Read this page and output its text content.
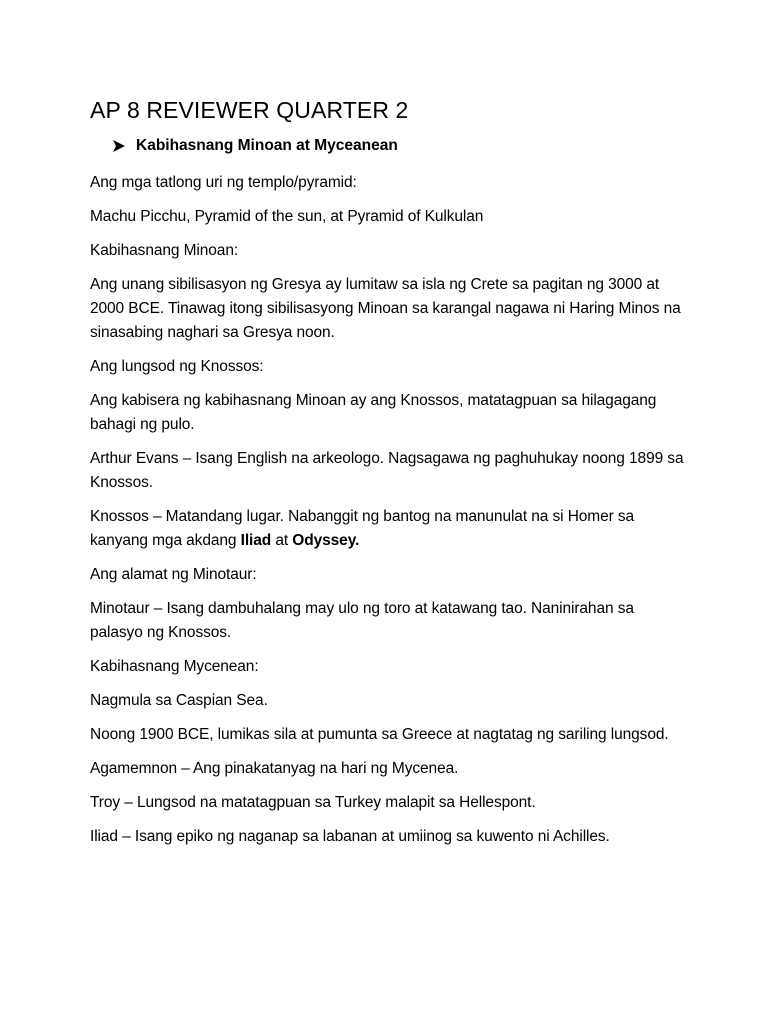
AP 8 REVIEWER QUARTER 2
Kabihasnang Minoan at Myceanean

Ang mga tatlong uri ng templo/pyramid:

Machu Picchu, Pyramid of the sun, at Pyramid of Kulkulan

Kabihasnang Minoan:

Ang unang sibilisasyon ng Gresya ay lumitaw sa isla ng Crete sa pagitan ng 3000 at 2000 BCE. Tinawag itong sibilisasyong Minoan sa karangal nagawa ni Haring Minos na sinasabing naghari sa Gresya noon.

Ang lungsod ng Knossos:

Ang kabisera ng kabihasnang Minoan ay ang Knossos, matatagpuan sa hilagagang bahagi ng pulo.

Arthur Evans – Isang English na arkeologo. Nagsagawa ng paghuhukay noong 1899 sa Knossos.

Knossos – Matandang lugar. Nabanggit ng bantog na manunulat na si Homer sa kanyang mga akdang Iliad at Odyssey.

Ang alamat ng Minotaur:

Minotaur – Isang dambuhalang may ulo ng toro at katawang tao. Naninirahan sa palasyo ng Knossos.

Kabihasnang Mycenean:

Nagmula sa Caspian Sea.

Noong 1900 BCE, lumikas sila at pumunta sa Greece at nagtatag ng sariling lungsod.

Agamemnon – Ang pinakatanyag na hari ng Mycenea.

Troy – Lungsod na matatagpuan sa Turkey malapit sa Hellespont.

Iliad – Isang epiko ng naganap sa labanan at umiinog sa kuwento ni Achilles.
